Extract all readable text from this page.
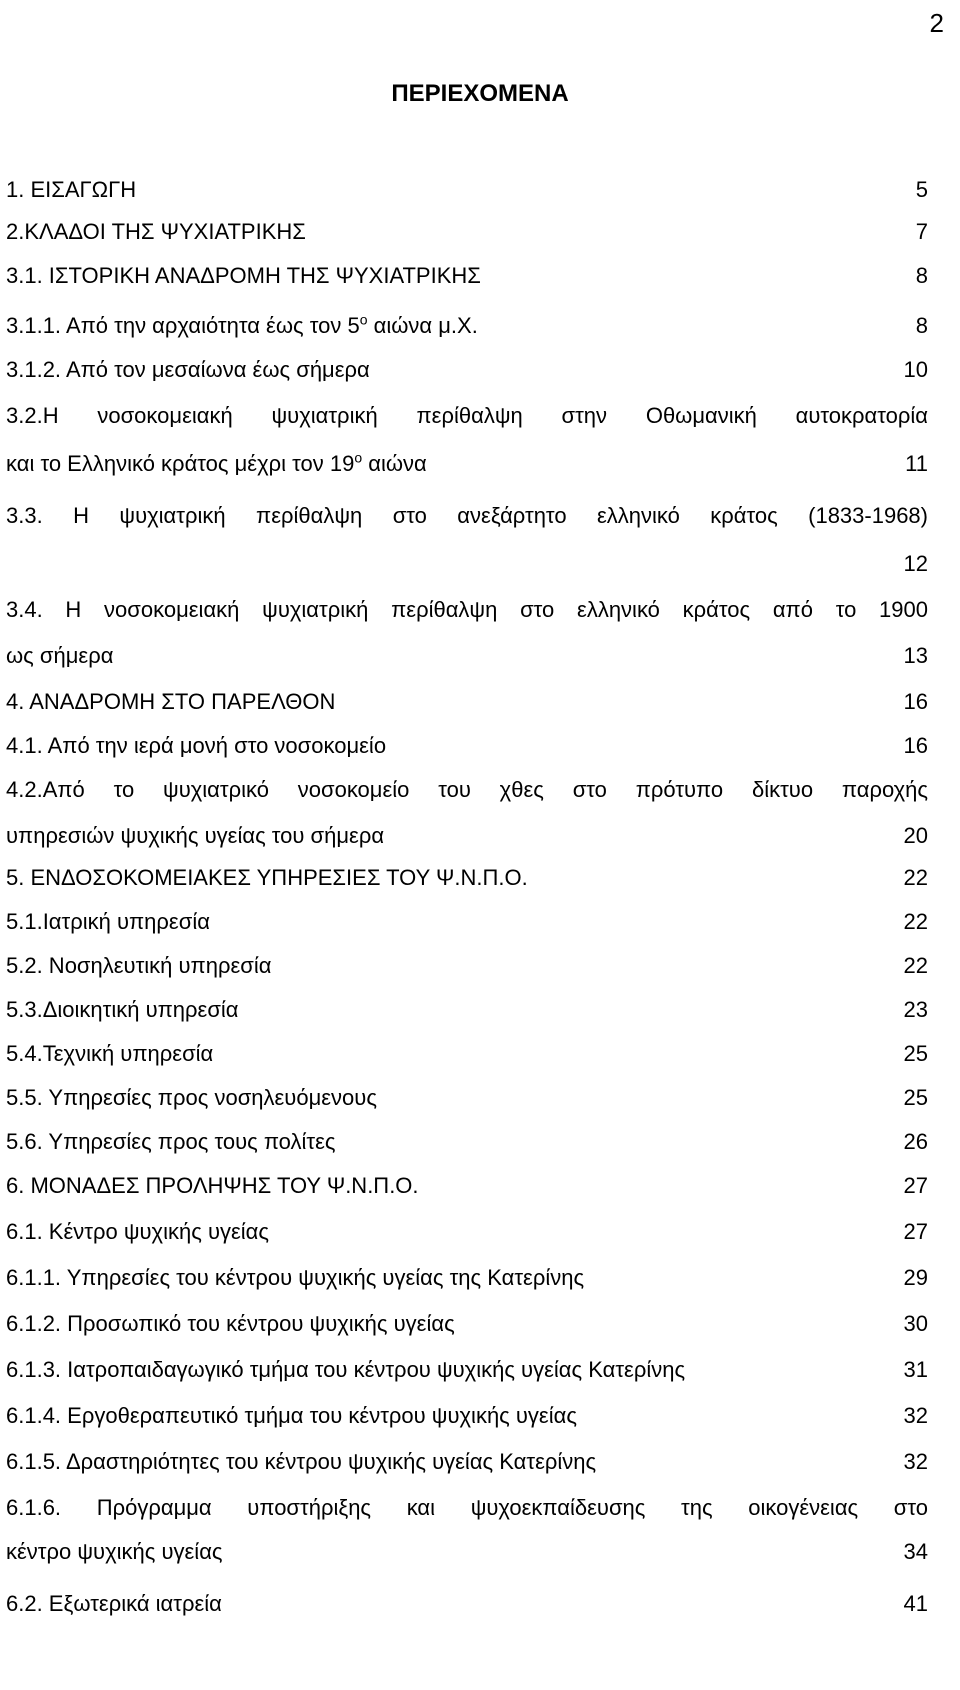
2
ΠΕΡΙΕΧΟΜΕΝΑ
1. ΕΙΣΑΓΩΓΗ	5
2.ΚΛΑΔΟΙ ΤΗΣ ΨΥΧΙΑΤΡΙΚΗΣ	7
3.1. ΙΣΤΟΡΙΚΗ ΑΝΑΔΡΟΜΗ ΤΗΣ ΨΥΧΙΑΤΡΙΚΗΣ	8
3.1.1. Από την αρχαιότητα έως τον $5^o$ αιώνα μ.Χ.	8
3.1.2. Από τον μεσαίωνα έως σήμερα	10
3.2.Η νοσοκομειακή ψυχιατρική περίθαλψη στην Οθωμανική αυτοκρατορία
και το Ελληνικό κράτος μέχρι τον $19^o$ αιώνα	11
3.3. Η ψυχιατρική περίθαλψη στο ανεξάρτητο ελληνικό κράτος (1833-1968)
12
3.4. Η νοσοκομειακή ψυχιατρική περίθαλψη στο ελληνικό κράτος από το 1900
ως σήμερα	13
4. ΑΝΑΔΡΟΜΗ ΣΤΟ ΠΑΡΕΛΘΟΝ	16
4.1. Από την ιερά μονή στο νοσοκομείο	16
4.2.Από το ψυχιατρικό νοσοκομείο του χθες στο πρότυπο δίκτυο παροχής
υπηρεσιών ψυχικής υγείας του σήμερα	20
5. ΕΝΔΟΣΟΚΟΜΕΙΑΚΕΣ ΥΠΗΡΕΣΙΕΣ ΤΟΥ Ψ.Ν.Π.Ο.	22
5.1.Ιατρική υπηρεσία	22
5.2. Νοσηλευτική υπηρεσία	22
5.3.Διοικητική υπηρεσία	23
5.4.Τεχνική υπηρεσία	25
5.5. Υπηρεσίες προς νοσηλευόμενους	25
5.6. Υπηρεσίες προς τους πολίτες	26
6. ΜΟΝΑΔΕΣ ΠΡΟΛΗΨΗΣ ΤΟΥ Ψ.Ν.Π.Ο.	27
6.1. Κέντρο ψυχικής υγείας	27
6.1.1. Υπηρεσίες του κέντρου ψυχικής υγείας της Κατερίνης	29
6.1.2. Προσωπικό του κέντρου ψυχικής υγείας	30
6.1.3. Ιατροπαιδαγωγικό τμήμα του κέντρου ψυχικής υγείας Κατερίνης	31
6.1.4. Εργοθεραπευτικό τμήμα του κέντρου ψυχικής υγείας	32
6.1.5. Δραστηριότητες του κέντρου ψυχικής υγείας Κατερίνης	32
6.1.6. Πρόγραμμα υποστήριξης και ψυχοεκπαίδευσης της οικογένειας στο
κέντρο ψυχικής υγείας	34
6.2. Εξωτερικά ιατρεία	41
